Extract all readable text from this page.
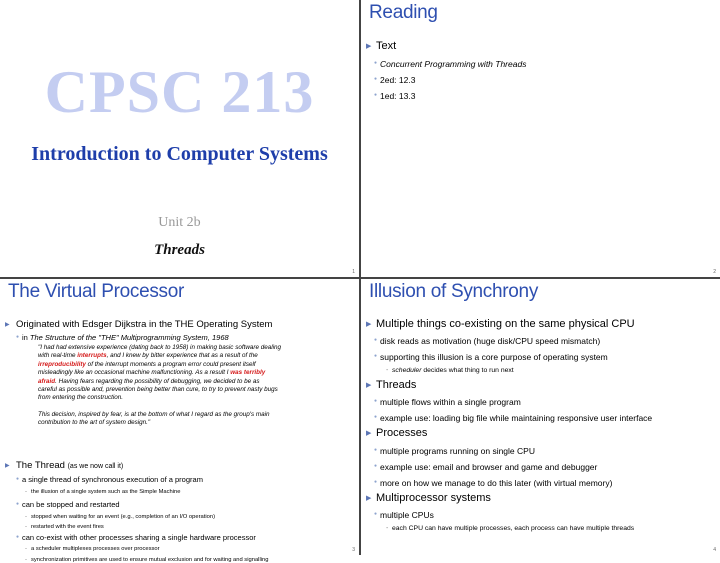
CPSC 213
Introduction to Computer Systems
Unit 2b
Threads
1
Reading
▶ Text
● Concurrent Programming with Threads
● 2ed: 12.3
● 1ed: 13.3
2
The Virtual Processor
▶ Originated with Edsger Dijkstra in the THE Operating System
● in The Structure of the "THE" Multiprogramming System, 1968
"I had had extensive experience (dating back to 1958) in making basic software dealing
with real-time interrupts, and I knew by bitter experience that as a result of the
irreproducibility of the interrupt moments a program error could present itself
misleadingly like an occasional machine malfunctioning. As a result I was terribly
afraid. Having fears regarding the possibility of debugging, we decided to be as
careful as possible and, prevention being better than cure, to try to prevent nasty bugs
from entering the construction.
This decision, inspired by fear, is at the bottom of what I regard as the group's main
contribution to the art of system design."
▶ The Thread (as we now call it)
● a single thread of synchronous execution of a program
- the illusion of a single system such as the Simple Machine
● can be stopped and restarted
- stopped when waiting for an event (e.g., completion of an I/O operation)
- restarted with the event fires
● can co-exist with other processes sharing a single hardware processor
- a scheduler multiplexes processes over processor
- synchronization primitives are used to ensure mutual exclusion and for waiting and signalling
3
Illusion of Synchrony
▶ Multiple things co-existing on the same physical CPU
● disk reads as motivation (huge disk/CPU speed mismatch)
● supporting this illusion is a core purpose of operating system
- scheduler decides what thing to run next
▶ Threads
● multiple flows within a single program
● example use: loading big file while maintaining responsive user interface
▶ Processes
● multiple programs running on single CPU
● example use: email and browser and game and debugger
● more on how we manage to do this later (with virtual memory)
▶ Multiprocessor systems
● multiple CPUs
- each CPU can have multiple processes, each process can have multiple threads
4
